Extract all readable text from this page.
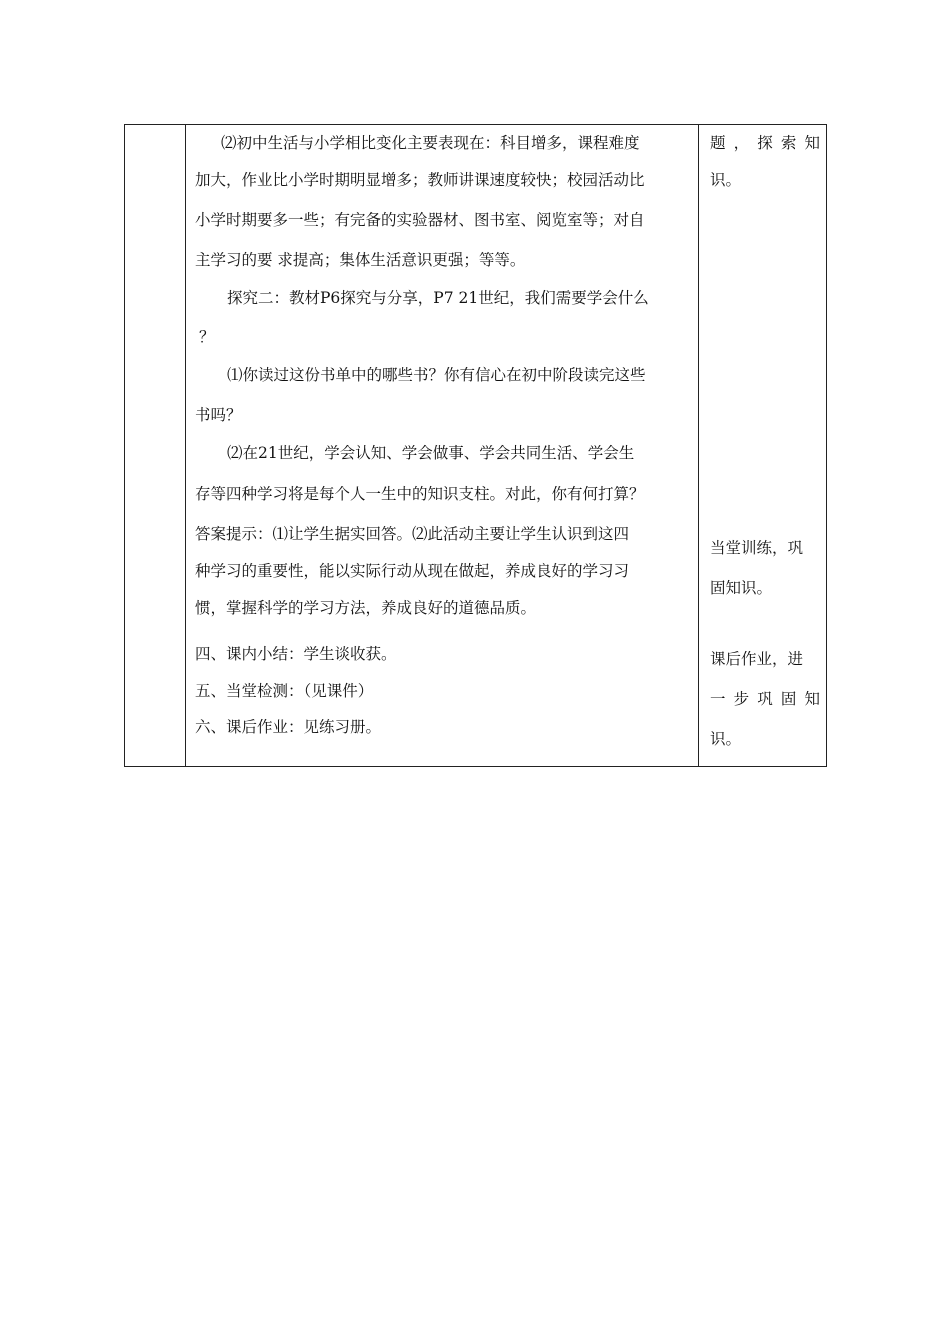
⑵初中生活与小学相比变化主要表现在：科目增多，课程难度
加大，作业比小学时期明显增多；教师讲课速度较快；校园活动比
小学时期要多一些；有完备的实验器材、图书室、阅览室等；对自
主学习的要 求提高；集体生活意识更强；等等。
探究二：教材P6探究与分享，P7 21世纪，我们需要学会什么
？
⑴你读过这份书单中的哪些书？你有信心在初中阶段读完这些
书吗？
⑵在21世纪，学会认知、学会做事、学会共同生活、学会生
存等四种学习将是每个人一生中的知识支柱。对此，你有何打算？
答案提示：⑴让学生据实回答。⑵此活动主要让学生认识到这四
种学习的重要性，能以实际行动从现在做起，养成良好的学习习
惯，掌握科学的学习方法，养成良好的道德品质。
四、课内小结：学生谈收获。
五、当堂检测：（见课件）
六、课后作业：见练习册。
题 ， 探 索 知
识。
当堂训练，巩
固知识。
课后作业，进
一 步 巩 固 知
识。
